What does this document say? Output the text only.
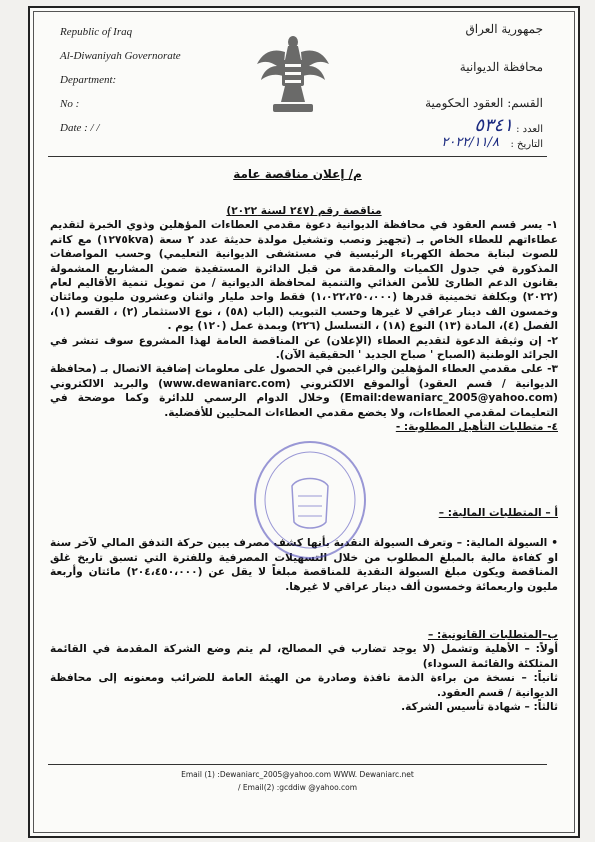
Republic of Iraq
Al-Diwaniyah Governorate
Department:
No :
Date : / /
جمهورية العراق
محافظة الديوانية
القسم: العقود الحكومية
العدد :
٥٣٤١
التاريخ :
٢٠٢٢/١١/٨
م/ إعلان مناقصة عامة

مناقصة رقم (٢٤٧ لسنة ٢٠٢٢)

١- يسر قسم العقود في محافظة الديوانية دعوة مقدمي العطاءات المؤهلين وذوي الخبرة لتقديم عطاءاتهم للعطاء الخاص بـ (تجهيز ونصب وتشغيل مولدة حديثة عدد ٢ سعة (١٢٧٥kva) مع كاتم للصوت لبناية محطة الكهرباء الرئيسية في مستشفى الديوانية التعليمي) وحسب المواصفات المذكورة في جدول الكميات والمقدمة من قبل الدائرة المستفيدة ضمن المشاريع المشمولة بقانون الدعم الطارئ للأمن الغذائي والتنمية لمحافظة الديوانية / من تمويل تنمية الأقاليم لعام (٢٠٢٢) وبكلفة تخمينية قدرها (١،٠٢٢،٢٥٠،٠٠٠) فقط واحد مليار واثنان وعشرون مليون ومائتان وخمسون الف دينار عراقي لا غيرها وحسب التبويب (الباب (٥٨) ، نوع الاستثمار (٢) ، القسم (١)، الفصل (٤)، المادة (١٣) النوع (١٨) ، التسلسل (٢٢٦) وبمدة عمل (١٢٠) يوم .

٢- إن وثيقة الدعوة لتقديم العطاء (الإعلان) عن المناقصة العامة لهذا المشروع سوف تنشر في الجرائد الوطنية (الصباح ' صباح الجديد ' الحقيقية الآن).

٣- على مقدمي العطاء المؤهلين والراغبين في الحصول على معلومات إضافية الاتصال بـ (محافظة الديوانية / قسم العقود) أوالموقع الالكتروني (www.dewaniarc.com) والبريد الالكتروني (Email:dewaniarc_2005@yahoo.com) وخلال الدوام الرسمي للدائرة وكما موضحة في التعليمات لمقدمي العطاءات، ولا يخضع مقدمي العطاءات المحليين للأفضلية.

٤- متطلبات التأهيل المطلوبة: -

أ – المتطلبات المالية: –

• السيولة المالية: – وتعرف السيولة النقدية بأنها كشف مصرف يبين حركة التدفق المالي لآخر سنة او كفاءة مالية بالمبلغ المطلوب من خلال التسهيلات المصرفية وللفترة التي تسبق تاريخ غلق المناقصة ويكون مبلغ السيولة النقدية للمناقصة مبلغاً لا يقل عن (٢٠٤،٤٥٠،٠٠٠) مائتان وأربعة مليون واربعمائة وخمسون ألف دينار عراقي لا غيرها.

ب–المتطلبات القانونية: –

أولاً: – الأهلية وتشمل (لا يوجد تضارب في المصالح، لم يتم وضع الشركة المقدمة في القائمة المتلكئة والقائمة السوداء)

ثانياً: – نسخة من براءة الذمة نافذة وصادرة من الهيئة العامة للضرائب ومعنونه إلى محافظة الديوانية / قسم العقود.

ثالثاً: – شهادة تأسيس الشركة.

Email (1) :Dewaniarc_2005@yahoo.com WWW. Dewaniarc.net
/ Email(2) :gcddiw @yahoo.com
